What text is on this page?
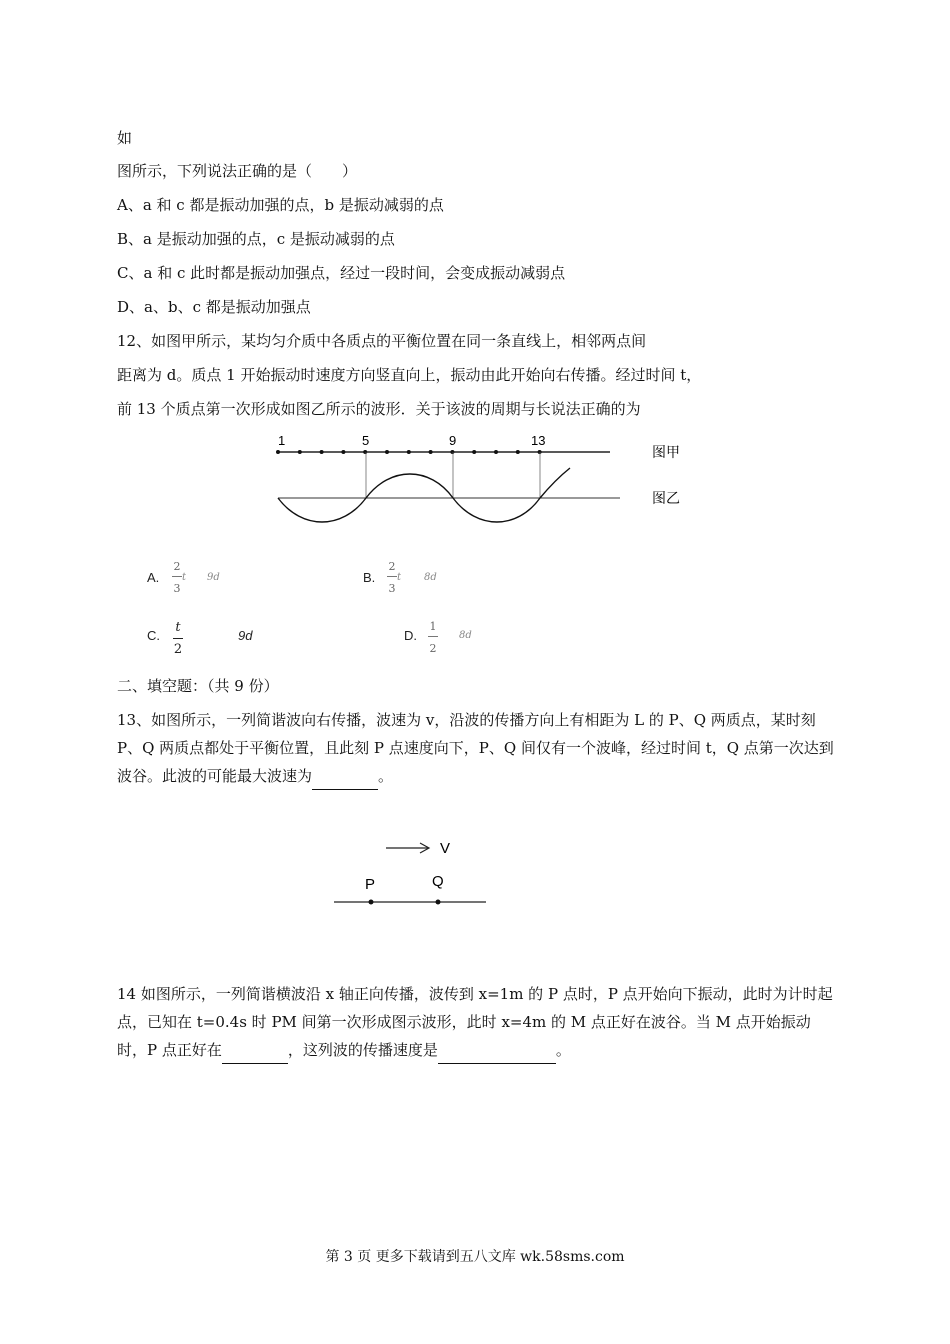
如
图所示，下列说法正确的是（　　）
A、a 和 c 都是振动加强的点，b 是振动减弱的点
B、a 是振动加强的点，c 是振动减弱的点
C、a 和 c 此时都是振动加强点，经过一段时间，会变成振动减弱点
D、a、b、c 都是振动加强点
12、如图甲所示，某均匀介质中各质点的平衡位置在同一条直线上，相邻两点间
距离为 d。质点 1 开始振动时速度方向竖直向上，振动由此开始向右传播。经过时间 t，
前 13 个质点第一次形成如图乙所示的波形．关于该波的周期与长说法正确的为
1	5	9	13
图甲
图乙
A.
2
3
t 9d	B.
2
3
t 8d
C.
t
2
9d	D.
1
2
8d
二、填空题：（共 9 份）
13、如图所示，一列简谐波向右传播，波速为 v，沿波的传播方向上有相距为 L 的 P、Q 两质点，某时刻 P、Q 两质点都处于平衡位置，且此刻 P 点速度向下，P、Q 间仅有一个波峰，经过时间 t，Q 点第一次达到波谷。此波的可能最大波速为	。
V
P	Q
14 如图所示，一列简谐横波沿 x 轴正向传播，波传到 x=1m 的 P 点时，P 点开始向下振动，此时为计时起点，已知在 t=0.4s 时 PM 间第一次形成图示波形，此时 x=4m 的 M 点正好在波谷。当 M 点开始振动时，P 点正好在	，这列波的传播速度是	。
第 3 页 更多下载请到五八文库 wk.58sms.com
